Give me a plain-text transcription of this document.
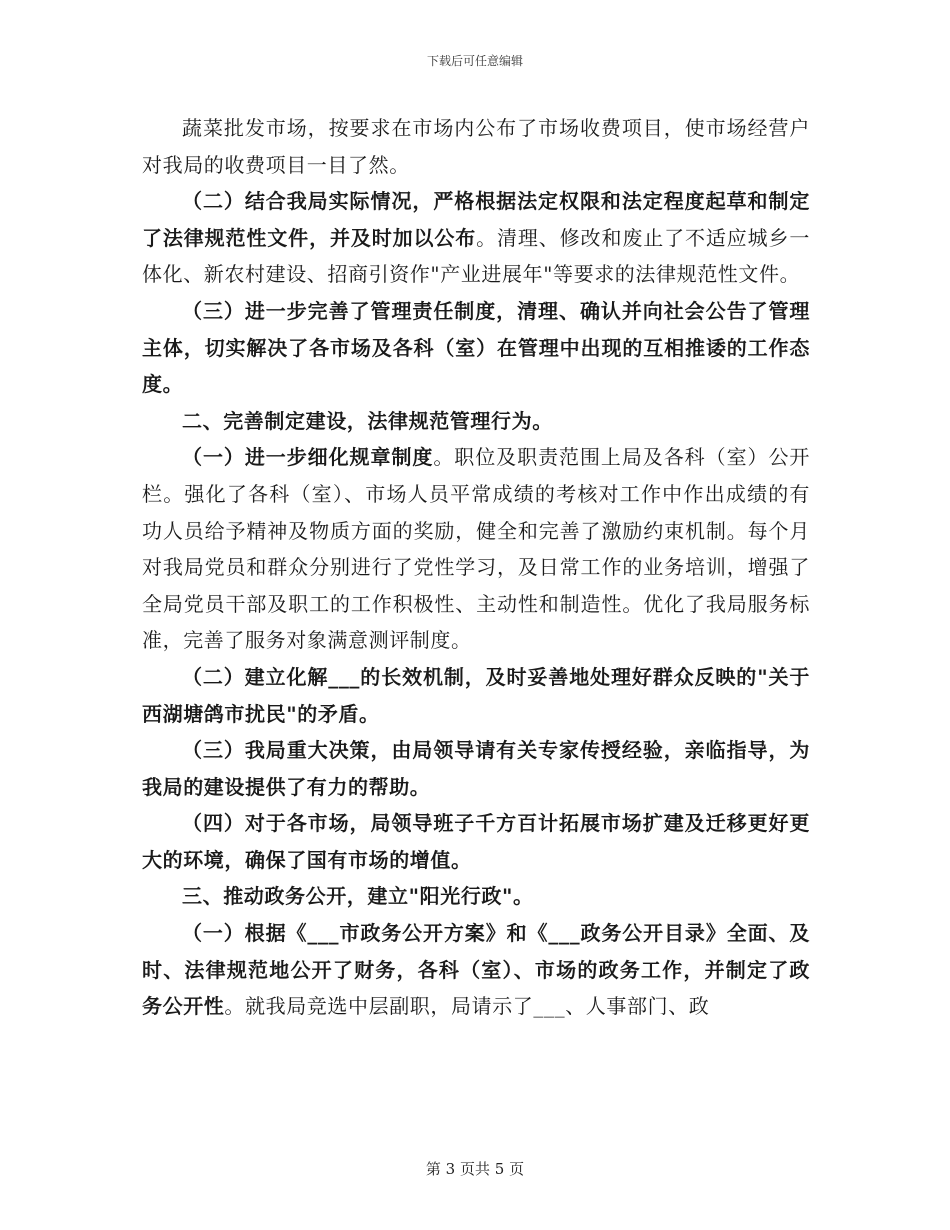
下载后可任意编辑

蔬菜批发市场，按要求在市场内公布了市场收费项目，使市场经营户对我局的收费项目一目了然。

（二）结合我局实际情况，严格根据法定权限和法定程度起草和制定了法律规范性文件，并及时加以公布。清理、修改和废止了不适应城乡一体化、新农村建设、招商引资作"产业进展年"等要求的法律规范性文件。

（三）进一步完善了管理责任制度，清理、确认并向社会公告了管理主体，切实解决了各市场及各科（室）在管理中出现的互相推诿的工作态度。

二、完善制定建设，法律规范管理行为。

（一）进一步细化规章制度。职位及职责范围上局及各科（室）公开栏。强化了各科（室）、市场人员平常成绩的考核对工作中作出成绩的有功人员给予精神及物质方面的奖励，健全和完善了激励约束机制。每个月对我局党员和群众分别进行了党性学习，及日常工作的业务培训，增强了全局党员干部及职工的工作积极性、主动性和制造性。优化了我局服务标准，完善了服务对象满意测评制度。

（二）建立化解___的长效机制，及时妥善地处理好群众反映的"关于西湖塘鸽市扰民"的矛盾。

（三）我局重大决策，由局领导请有关专家传授经验，亲临指导，为我局的建设提供了有力的帮助。

（四）对于各市场，局领导班子千方百计拓展市场扩建及迁移更好更大的环境，确保了国有市场的增值。

三、推动政务公开，建立"阳光行政"。

（一）根据《___市政务公开方案》和《___政务公开目录》全面、及时、法律规范地公开了财务，各科（室）、市场的政务工作，并制定了政务公开性。就我局竞选中层副职，局请示了___、人事部门、政

第 3 页共 5 页
